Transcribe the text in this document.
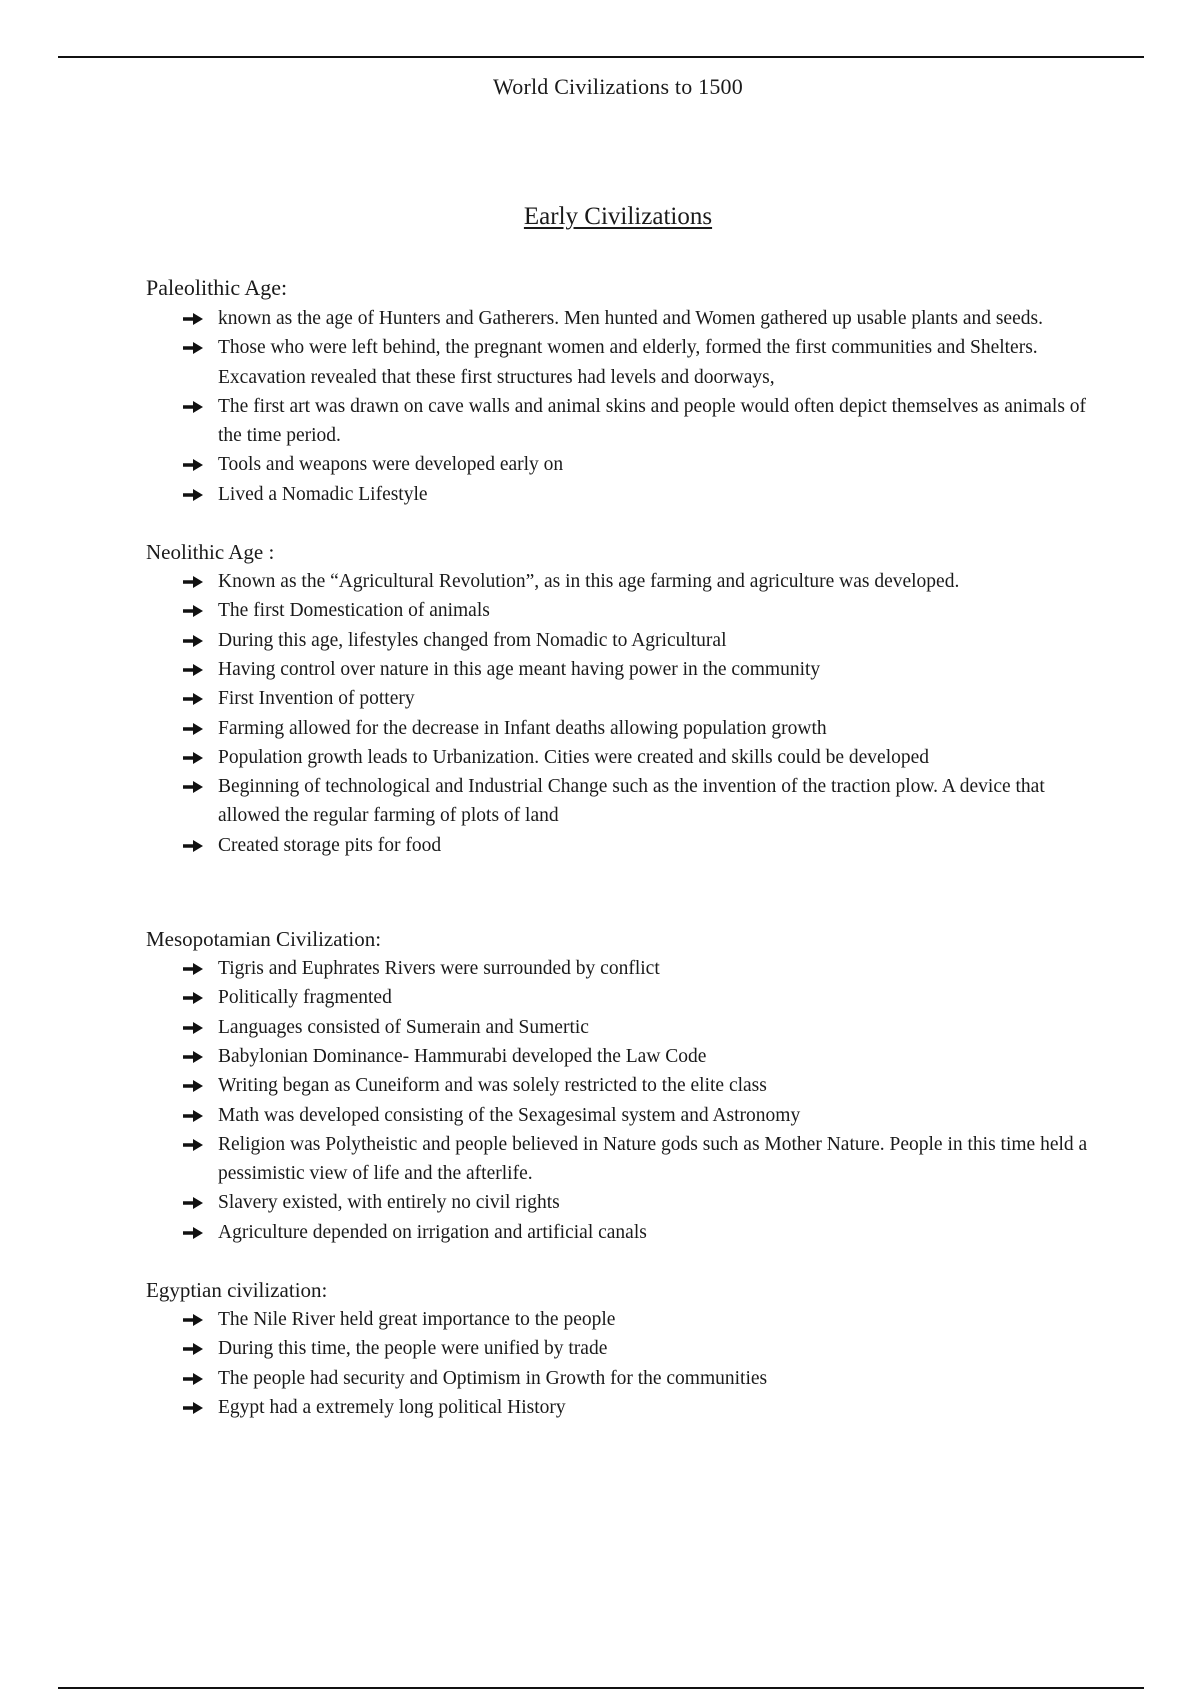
World Civilizations to 1500
Early Civilizations
Paleolithic Age:
known as the age of Hunters and Gatherers. Men hunted and Women gathered up usable plants and seeds.
Those who were left behind, the pregnant women and elderly, formed the first communities and Shelters. Excavation revealed that these first structures had levels and doorways,
The first art was drawn on cave walls and animal skins and people would often depict themselves as animals of the time period.
Tools and weapons were developed early on
Lived a Nomadic Lifestyle
Neolithic Age :
Known as the “Agricultural Revolution”, as in this age farming and agriculture was developed.
The first Domestication of animals
During this age, lifestyles changed from Nomadic to Agricultural
Having control over nature in this age meant having power in the community
First Invention of pottery
Farming allowed for the decrease in Infant deaths allowing population growth
Population growth leads to Urbanization. Cities were created and skills could be developed
Beginning of technological and Industrial Change such as the invention of the traction plow. A device that allowed the regular farming of plots of land
Created storage pits for food
Mesopotamian Civilization:
Tigris and Euphrates Rivers were surrounded by conflict
Politically fragmented
Languages consisted of Sumerain and Sumertic
Babylonian Dominance- Hammurabi developed the Law Code
Writing began as Cuneiform and was solely restricted to the elite class
Math was developed consisting of the Sexagesimal system and Astronomy
Religion was Polytheistic and people believed in Nature gods such as Mother Nature. People in this time held a pessimistic view of life and the afterlife.
Slavery existed, with entirely no civil rights
Agriculture depended on irrigation and artificial canals
Egyptian civilization:
The Nile River held great importance to the people
During this time, the people were unified by trade
The people had security and Optimism in Growth for the communities
Egypt had a extremely long political History
